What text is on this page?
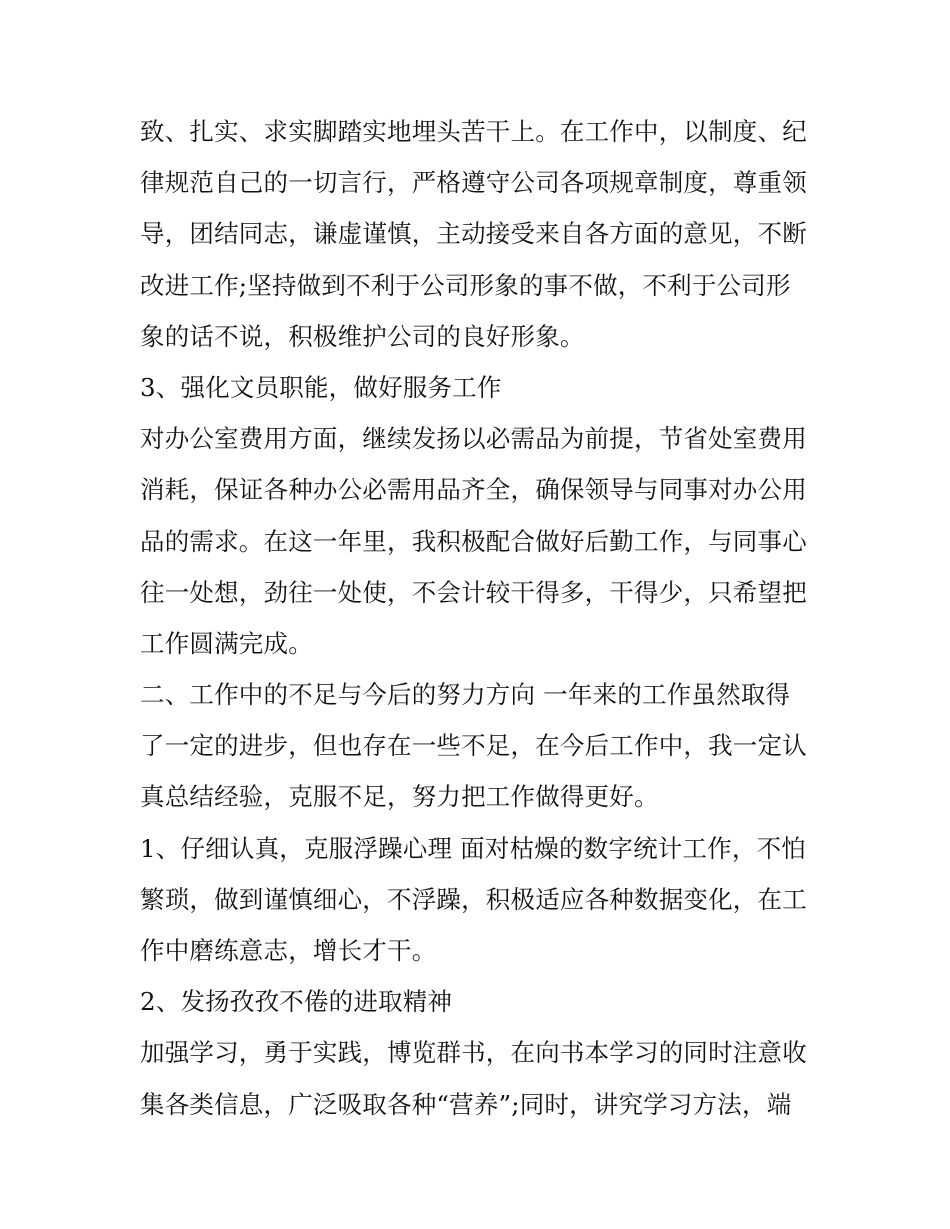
致、扎实、求实脚踏实地埋头苦干上。在工作中，以制度、纪
律规范自己的一切言行，严格遵守公司各项规章制度，尊重领
导，团结同志，谦虚谨慎，主动接受来自各方面的意见，不断
改进工作;坚持做到不利于公司形象的事不做，不利于公司形
象的话不说，积极维护公司的良好形象。
3、强化文员职能，做好服务工作
对办公室费用方面，继续发扬以必需品为前提，节省处室费用
消耗，保证各种办公必需用品齐全，确保领导与同事对办公用
品的需求。在这一年里，我积极配合做好后勤工作，与同事心
往一处想，劲往一处使，不会计较干得多，干得少，只希望把
工作圆满完成。
二、工作中的不足与今后的努力方向 一年来的工作虽然取得
了一定的进步，但也存在一些不足，在今后工作中，我一定认
真总结经验，克服不足，努力把工作做得更好。
1、仔细认真，克服浮躁心理 面对枯燥的数字统计工作，不怕
繁琐，做到谨慎细心，不浮躁，积极适应各种数据变化，在工
作中磨练意志，增长才干。
2、发扬孜孜不倦的进取精神
加强学习，勇于实践，博览群书，在向书本学习的同时注意收
集各类信息，广泛吸取各种“营养”;同时，讲究学习方法，端
